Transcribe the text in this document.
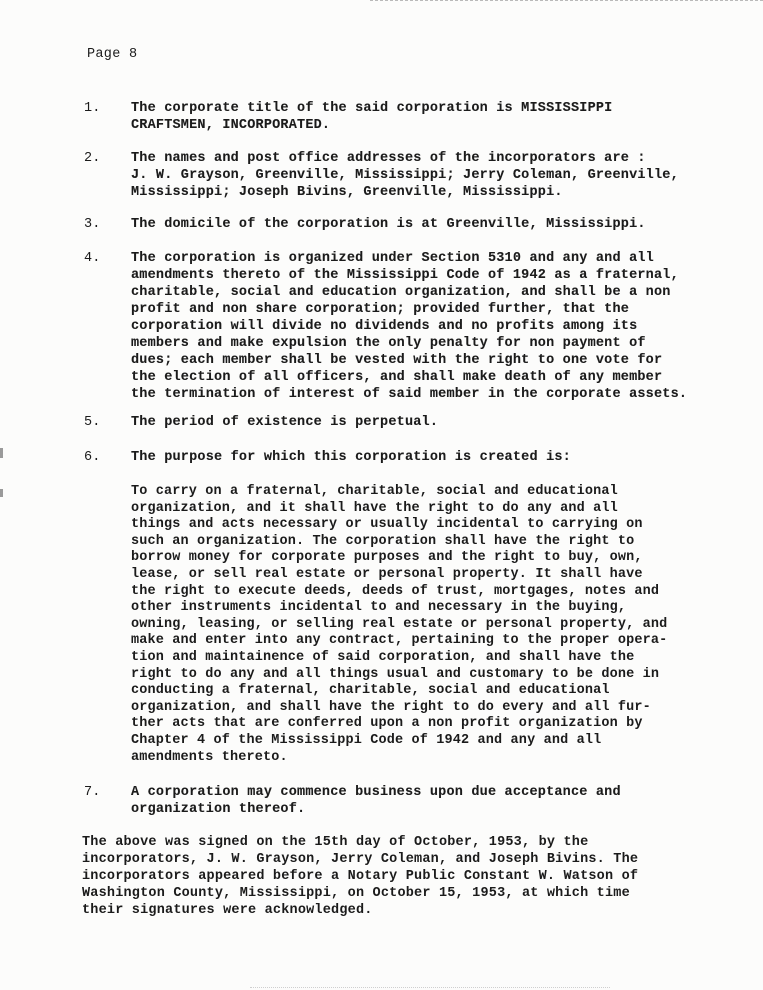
Page 8
1.	The corporate title of the said corporation is MISSISSIPPI
CRAFTSMEN, INCORPORATED.
2.	The names and post office addresses of the incorporators are :
J. W. Grayson, Greenville, Mississippi; Jerry Coleman, Greenville,
Mississippi; Joseph Bivins, Greenville, Mississippi.
3.	The domicile of the corporation is at Greenville, Mississippi.
4.	The corporation is organized under Section 5310 and any and all
amendments thereto of the Mississippi Code of 1942 as a fraternal,
charitable, social and education organization, and shall be a non
profit and non share corporation; provided further, that the
corporation will divide no dividends and no profits among its
members and make expulsion the only penalty for non payment of
dues; each member shall be vested with the right to one vote for
the election of all officers, and shall make death of any member
the termination of interest of said member in the corporate assets.
5.	The period of existence is perpetual.
6.	The purpose for which this corporation is created is:
To carry on a fraternal, charitable, social and educational
organization, and it shall have the right to do any and all
things and acts necessary or usually incidental to carrying on
such an organization. The corporation shall have the right to
borrow money for corporate purposes and the right to buy, own,
lease, or sell real estate or personal property. It shall have
the right to execute deeds, deeds of trust, mortgages, notes and
other instruments incidental to and necessary in the buying,
owning, leasing, or selling real estate or personal property, and
make and enter into any contract, pertaining to the proper opera-
tion and maintainence of said corporation, and shall have the
right to do any and all things usual and customary to be done in
conducting a fraternal, charitable, social and educational
organization, and shall have the right to do every and all fur-
ther acts that are conferred upon a non profit organization by
Chapter 4 of the Mississippi Code of 1942 and any and all
amendments thereto.
7.	A corporation may commence business upon due acceptance and
organization thereof.
The above was signed on the 15th day of October, 1953, by the
incorporators, J. W. Grayson, Jerry Coleman, and Joseph Bivins. The
incorporators appeared before a Notary Public Constant W. Watson of
Washington County, Mississippi, on October 15, 1953, at which time
their signatures were acknowledged.
